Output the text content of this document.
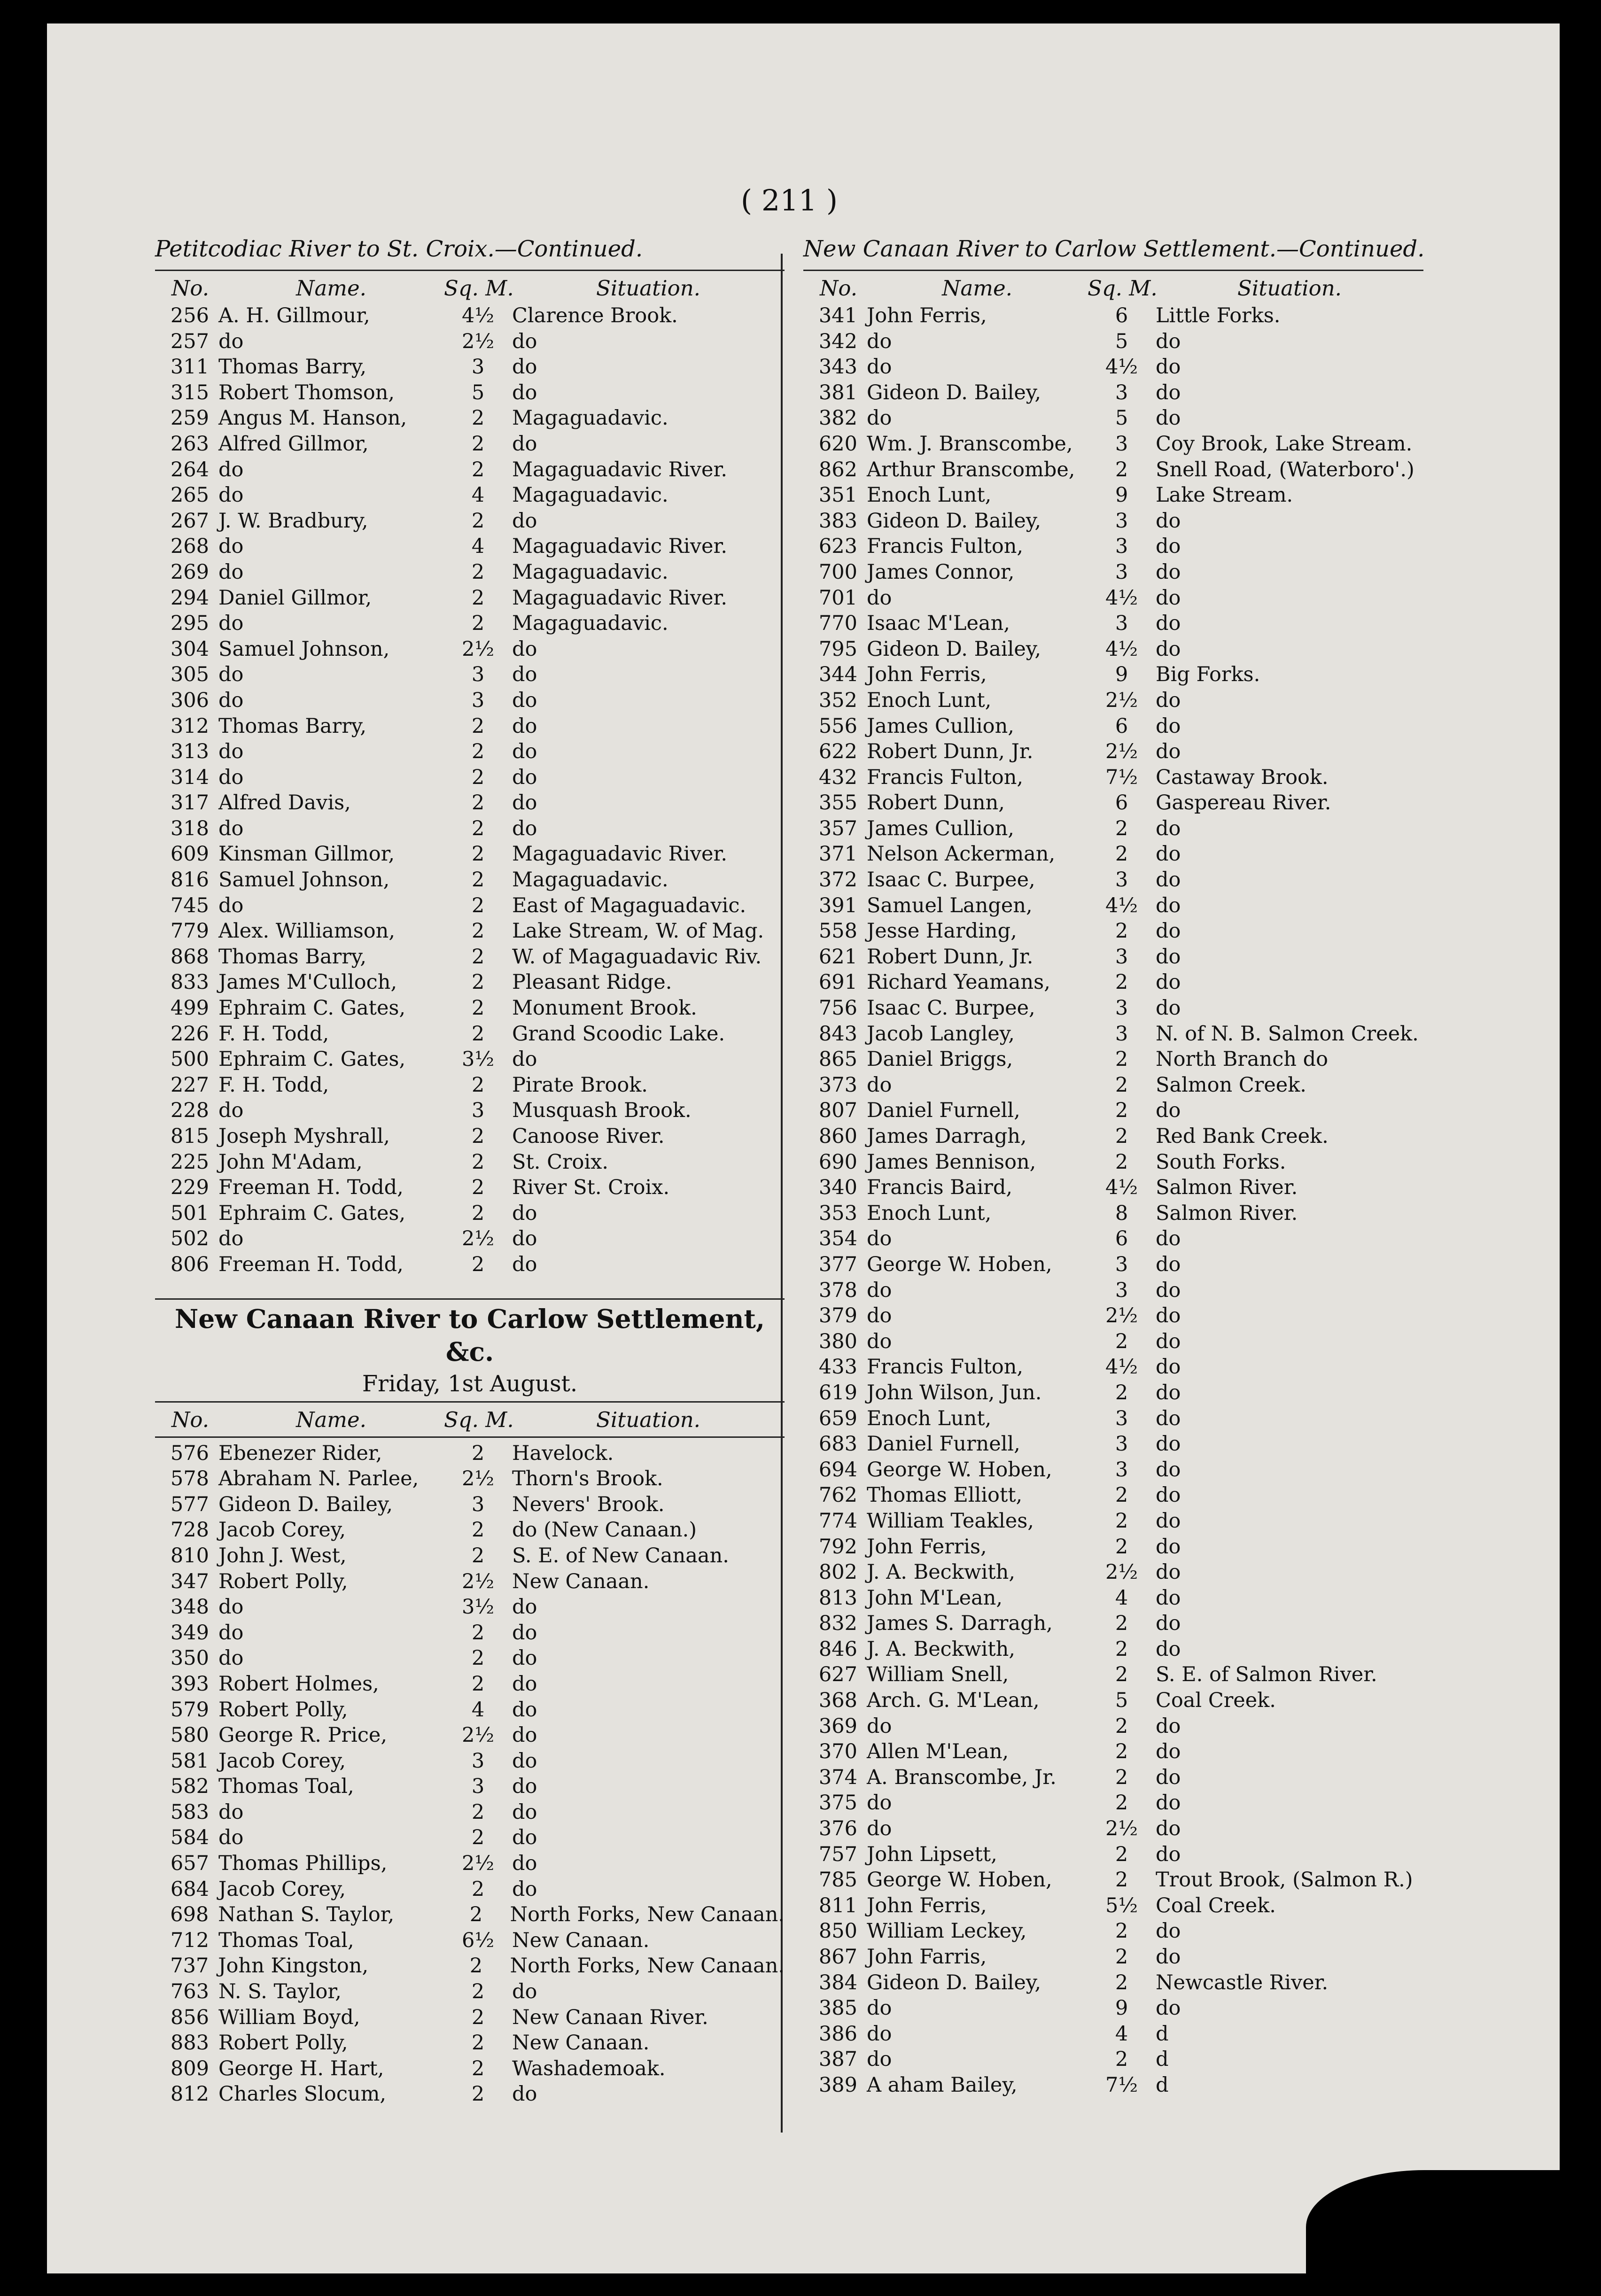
( 211 )
Petitcodiac River to St. Croix.—Continued.
No.	Name.	Sq. M.	Situation.
256 A. H. Gillmour,	4½ Clarence Brook.
257 do	2½ do
311 Thomas Barry,	3	do
315 Robert Thomson,	5	do
259 Angus M. Hanson,	2	Magaguadavic.
263 Alfred Gillmor,	2	do
264 do	2	Magaguadavic River.
265 do	4	Magaguadavic.
267 J. W. Bradbury,	2	do
268 do	4	Magaguadavic River.
269 do	2	Magaguadavic.
294 Daniel Gillmor,	2	Magaguadavic River.
295 do	2	Magaguadavic.
304 Samuel Johnson,	2½ do
305 do	3	do
306 do	3	do
312 Thomas Barry,	2	do
313 do	2	do
314 do	2	do
317 Alfred Davis,	2	do
318 do	2	do
609 Kinsman Gillmor,	2	Magaguadavic River.
816 Samuel Johnson,	2	Magaguadavic.
745 do	2	East of Magaguadavic.
779 Alex. Williamson,	2	Lake Stream, W. of Mag.
868 Thomas Barry,	2	W. of Magaguadavic Riv.
833 James M'Culloch,	2	Pleasant Ridge.
499 Ephraim C. Gates,	2	Monument Brook.
226 F. H. Todd,	2	Grand Scoodic Lake.
500 Ephraim C. Gates,	3½ do
227 F. H. Todd,	2	Pirate Brook.
228 do	3	Musquash Brook.
815 Joseph Myshrall,	2	Canoose River.
225 John M'Adam,	2	St. Croix.
229 Freeman H. Todd,	2	River St. Croix.
501 Ephraim C. Gates,	2	do
502 do	2½ do
806 Freeman H. Todd,	2	do
New Canaan River to Carlow Settlement, &c.
Friday, 1st August.
No.	Name.	Sq. M.	Situation.
576 Ebenezer Rider,	2	Havelock.
578 Abraham N. Parlee,	2½ Thorn's Brook.
577 Gideon D. Bailey,	3	Nevers' Brook.
728 Jacob Corey,	2	do (New Canaan.)
810 John J. West,	2	S. E. of New Canaan.
347 Robert Polly,	2½ New Canaan.
348 do	3½ do
349 do	2	do
350 do	2	do
393 Robert Holmes,	2	do
579 Robert Polly,	4	do
580 George R. Price,	2½ do
581 Jacob Corey,	3	do
582 Thomas Toal,	3	do
583 do	2	do
584 do	2	do
657 Thomas Phillips,	2½ do
684 Jacob Corey,	2	do
698 Nathan S. Taylor,	2	North Forks, New Canaan.
712 Thomas Toal,	6½ New Canaan.
737 John Kingston,	2	North Forks, New Canaan.
763 N. S. Taylor,	2	do
856 William Boyd,	2	New Canaan River.
883 Robert Polly,	2	New Canaan.
809 George H. Hart,	2	Washademoak.
812 Charles Slocum,	2	do
New Canaan River to Carlow Settlement.—Continued.
No.	Name.	Sq. M.	Situation.
341 John Ferris,	6	Little Forks.
342 do	5	do
343 do	4½ do
381 Gideon D. Bailey,	3	do
382 do	5	do
620 Wm. J. Branscombe,	3	Coy Brook, Lake Stream.
862 Arthur Branscombe,	2	Snell Road, (Waterboro'.)
351 Enoch Lunt,	9	Lake Stream.
383 Gideon D. Bailey,	3	do
623 Francis Fulton,	3	do
700 James Connor,	3	do
701 do	4½ do
770 Isaac M'Lean,	3	do
795 Gideon D. Bailey,	4½ do
344 John Ferris,	9	Big Forks.
352 Enoch Lunt,	2½ do
556 James Cullion,	6	do
622 Robert Dunn, Jr.	2½ do
432 Francis Fulton,	7½ Castaway Brook.
355 Robert Dunn,	6	Gaspereau River.
357 James Cullion,	2	do
371 Nelson Ackerman,	2	do
372 Isaac C. Burpee,	3	do
391 Samuel Langen,	4½ do
558 Jesse Harding,	2	do
621 Robert Dunn, Jr.	3	do
691 Richard Yeamans,	2	do
756 Isaac C. Burpee,	3	do
843 Jacob Langley,	3	N. of N. B. Salmon Creek.
865 Daniel Briggs,	2	North Branch do
373 do	2	Salmon Creek.
807 Daniel Furnell,	2	do
860 James Darragh,	2	Red Bank Creek.
690 James Bennison,	2	South Forks.
340 Francis Baird,	4½ Salmon River.
353 Enoch Lunt,	8	Salmon River.
354 do	6	do
377 George W. Hoben,	3	do
378 do	3	do
379 do	2½ do
380 do	2	do
433 Francis Fulton,	4½ do
619 John Wilson, Jun.	2	do
659 Enoch Lunt,	3	do
683 Daniel Furnell,	3	do
694 George W. Hoben,	3	do
762 Thomas Elliott,	2	do
774 William Teakles,	2	do
792 John Ferris,	2	do
802 J. A. Beckwith,	2½ do
813 John M'Lean,	4	do
832 James S. Darragh,	2	do
846 J. A. Beckwith,	2	do
627 William Snell,	2	S. E. of Salmon River.
368 Arch. G. M'Lean,	5	Coal Creek.
369 do	2	do
370 Allen M'Lean,	2	do
374 A. Branscombe, Jr.	2	do
375 do	2	do
376 do	2½ do
757 John Lipsett,	2	do
785 George W. Hoben,	2	Trout Brook, (Salmon R.)
811 John Ferris,	5½ Coal Creek.
850 William Leckey,	2	do
867 John Farris,	2	do
384 Gideon D. Bailey,	2	Newcastle River.
385 do	9	do
386 do	4	d
387 do	2	d
389 A aham Bailey,	7½ d
